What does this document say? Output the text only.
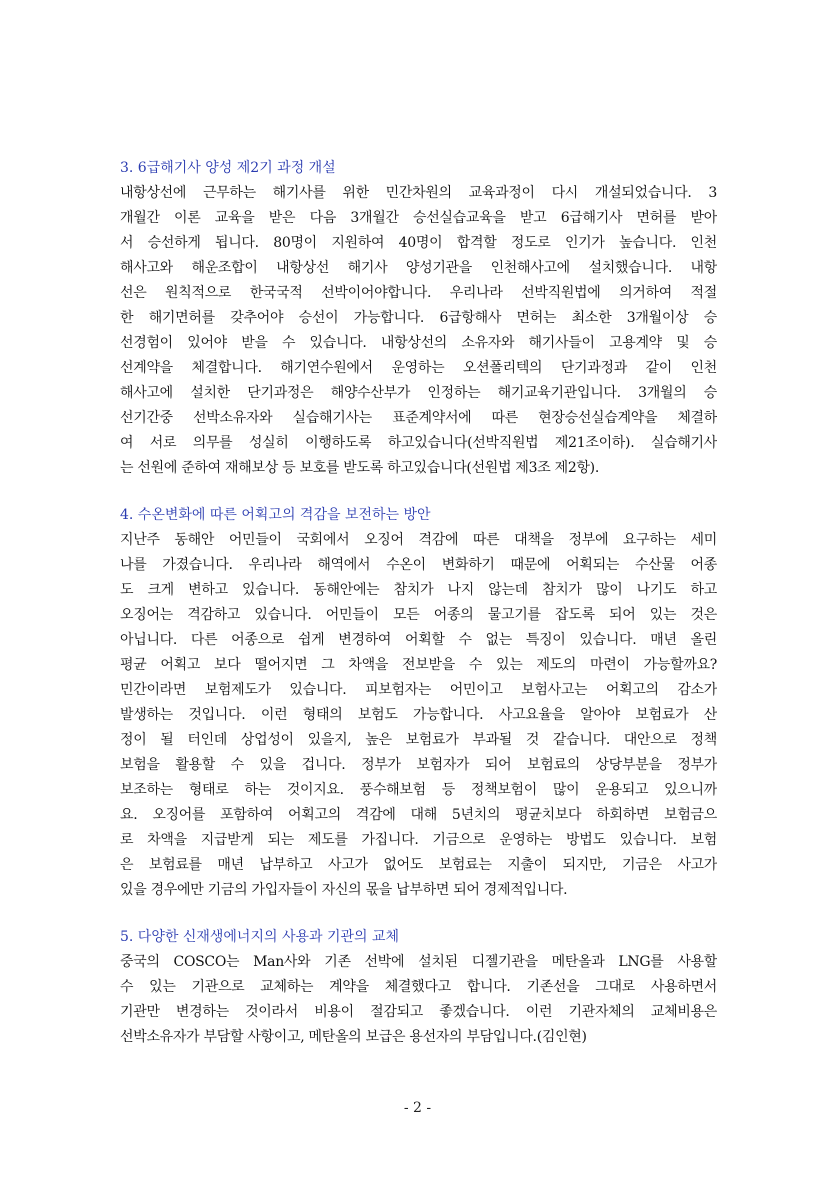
3. 6급해기사 양성 제2기 과정 개설
내항상선에 근무하는 해기사를 위한 민간차원의 교육과정이 다시 개설되었습니다. 3
개월간 이론 교육을 받은 다음 3개월간 승선실습교육을 받고 6급해기사 면허를 받아
서 승선하게 됩니다. 80명이 지원하여 40명이 합격할 정도로 인기가 높습니다. 인천
해사고와 해운조합이 내항상선 해기사 양성기관을 인천해사고에 설치했습니다. 내항
선은 원칙적으로 한국국적 선박이어야합니다. 우리나라 선박직원법에 의거하여 적절
한 해기면허를 갖추어야 승선이 가능합니다. 6급항해사 면허는 최소한 3개월이상 승
선경험이 있어야 받을 수 있습니다. 내항상선의 소유자와 해기사들이 고용계약 및 승
선계약을 체결합니다. 해기연수원에서 운영하는 오션폴리텍의 단기과정과 같이 인천
해사고에 설치한 단기과정은 해양수산부가 인정하는 해기교육기관입니다. 3개월의 승
선기간중 선박소유자와 실습해기사는 표준계약서에 따른 현장승선실습계약을 체결하
여 서로 의무를 성실히 이행하도록 하고있습니다(선박직원법 제21조이하). 실습해기사
는 선원에 준하여 재해보상 등 보호를 받도록 하고있습니다(선원법 제3조 제2항).
4. 수온변화에 따른 어획고의 격감을 보전하는 방안
지난주 동해안 어민들이 국회에서 오징어 격감에 따른 대책을 정부에 요구하는 세미
나를 가졌습니다. 우리나라 해역에서 수온이 변화하기 때문에 어획되는 수산물 어종
도 크게 변하고 있습니다. 동해안에는 참치가 나지 않는데 참치가 많이 나기도 하고
오징어는 격감하고 있습니다. 어민들이 모든 어종의 물고기를 잡도록 되어 있는 것은
아닙니다. 다른 어종으로 쉽게 변경하여 어획할 수 없는 특징이 있습니다. 매년 올린
평균 어획고 보다 떨어지면 그 차액을 전보받을 수 있는 제도의 마련이 가능할까요?
민간이라면 보험제도가 있습니다. 피보험자는 어민이고 보험사고는 어획고의 감소가
발생하는 것입니다. 이런 형태의 보험도 가능합니다. 사고요율을 알아야 보험료가 산
정이 될 터인데 상업성이 있을지, 높은 보험료가 부과될 것 같습니다. 대안으로 정책
보험을 활용할 수 있을 겁니다. 정부가 보험자가 되어 보험료의 상당부분을 정부가
보조하는 형태로 하는 것이지요. 풍수해보험 등 정책보험이 많이 운용되고 있으니까
요. 오징어를 포함하여 어획고의 격감에 대해 5년치의 평균치보다 하회하면 보험금으
로 차액을 지급받게 되는 제도를 가집니다. 기금으로 운영하는 방법도 있습니다. 보험
은 보험료를 매년 납부하고 사고가 없어도 보험료는 지출이 되지만, 기금은 사고가
있을 경우에만 기금의 가입자들이 자신의 몫을 납부하면 되어 경제적입니다.
5. 다양한 신재생에너지의 사용과 기관의 교체
중국의 COSCO는 Man사와 기존 선박에 설치된 디젤기관을 메탄올과 LNG를 사용할
수 있는 기관으로 교체하는 계약을 체결했다고 합니다. 기존선을 그대로 사용하면서
기관만 변경하는 것이라서 비용이 절감되고 좋겠습니다. 이런 기관자체의 교체비용은
선박소유자가 부담할 사항이고, 메탄올의 보급은 용선자의 부담입니다.(김인현)
- 2 -
